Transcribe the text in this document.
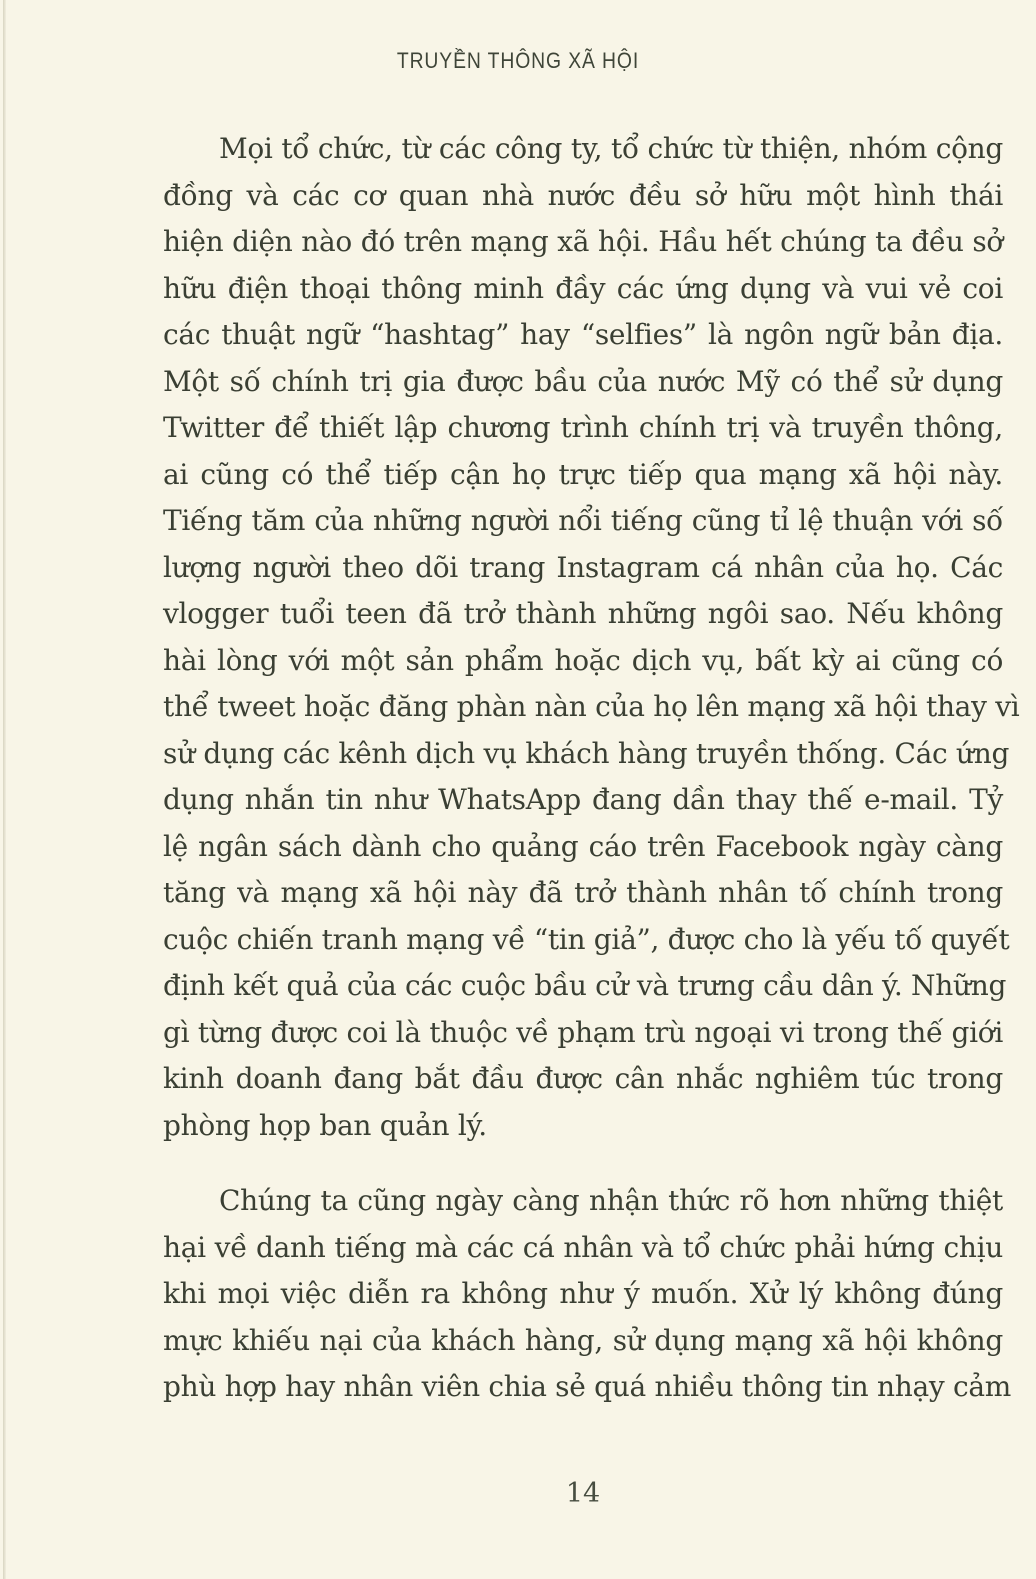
TRUYỀN THÔNG XÃ HỘI
Mọi tổ chức, từ các công ty, tổ chức từ thiện, nhóm cộng
đồng và các cơ quan nhà nước đều sở hữu một hình thái
hiện diện nào đó trên mạng xã hội. Hầu hết chúng ta đều sở
hữu điện thoại thông minh đầy các ứng dụng và vui vẻ coi
các thuật ngữ “hashtag” hay “selfies” là ngôn ngữ bản địa.
Một số chính trị gia được bầu của nước Mỹ có thể sử dụng
Twitter để thiết lập chương trình chính trị và truyền thông,
ai cũng có thể tiếp cận họ trực tiếp qua mạng xã hội này.
Tiếng tăm của những người nổi tiếng cũng tỉ lệ thuận với số
lượng người theo dõi trang Instagram cá nhân của họ. Các
vlogger tuổi teen đã trở thành những ngôi sao. Nếu không
hài lòng với một sản phẩm hoặc dịch vụ, bất kỳ ai cũng có
thể tweet hoặc đăng phàn nàn của họ lên mạng xã hội thay vì
sử dụng các kênh dịch vụ khách hàng truyền thống. Các ứng
dụng nhắn tin như WhatsApp đang dần thay thế e-mail. Tỷ
lệ ngân sách dành cho quảng cáo trên Facebook ngày càng
tăng và mạng xã hội này đã trở thành nhân tố chính trong
cuộc chiến tranh mạng về “tin giả”, được cho là yếu tố quyết
định kết quả của các cuộc bầu cử và trưng cầu dân ý. Những
gì từng được coi là thuộc về phạm trù ngoại vi trong thế giới
kinh doanh đang bắt đầu được cân nhắc nghiêm túc trong
phòng họp ban quản lý.
Chúng ta cũng ngày càng nhận thức rõ hơn những thiệt
hại về danh tiếng mà các cá nhân và tổ chức phải hứng chịu
khi mọi việc diễn ra không như ý muốn. Xử lý không đúng
mực khiếu nại của khách hàng, sử dụng mạng xã hội không
phù hợp hay nhân viên chia sẻ quá nhiều thông tin nhạy cảm
14
